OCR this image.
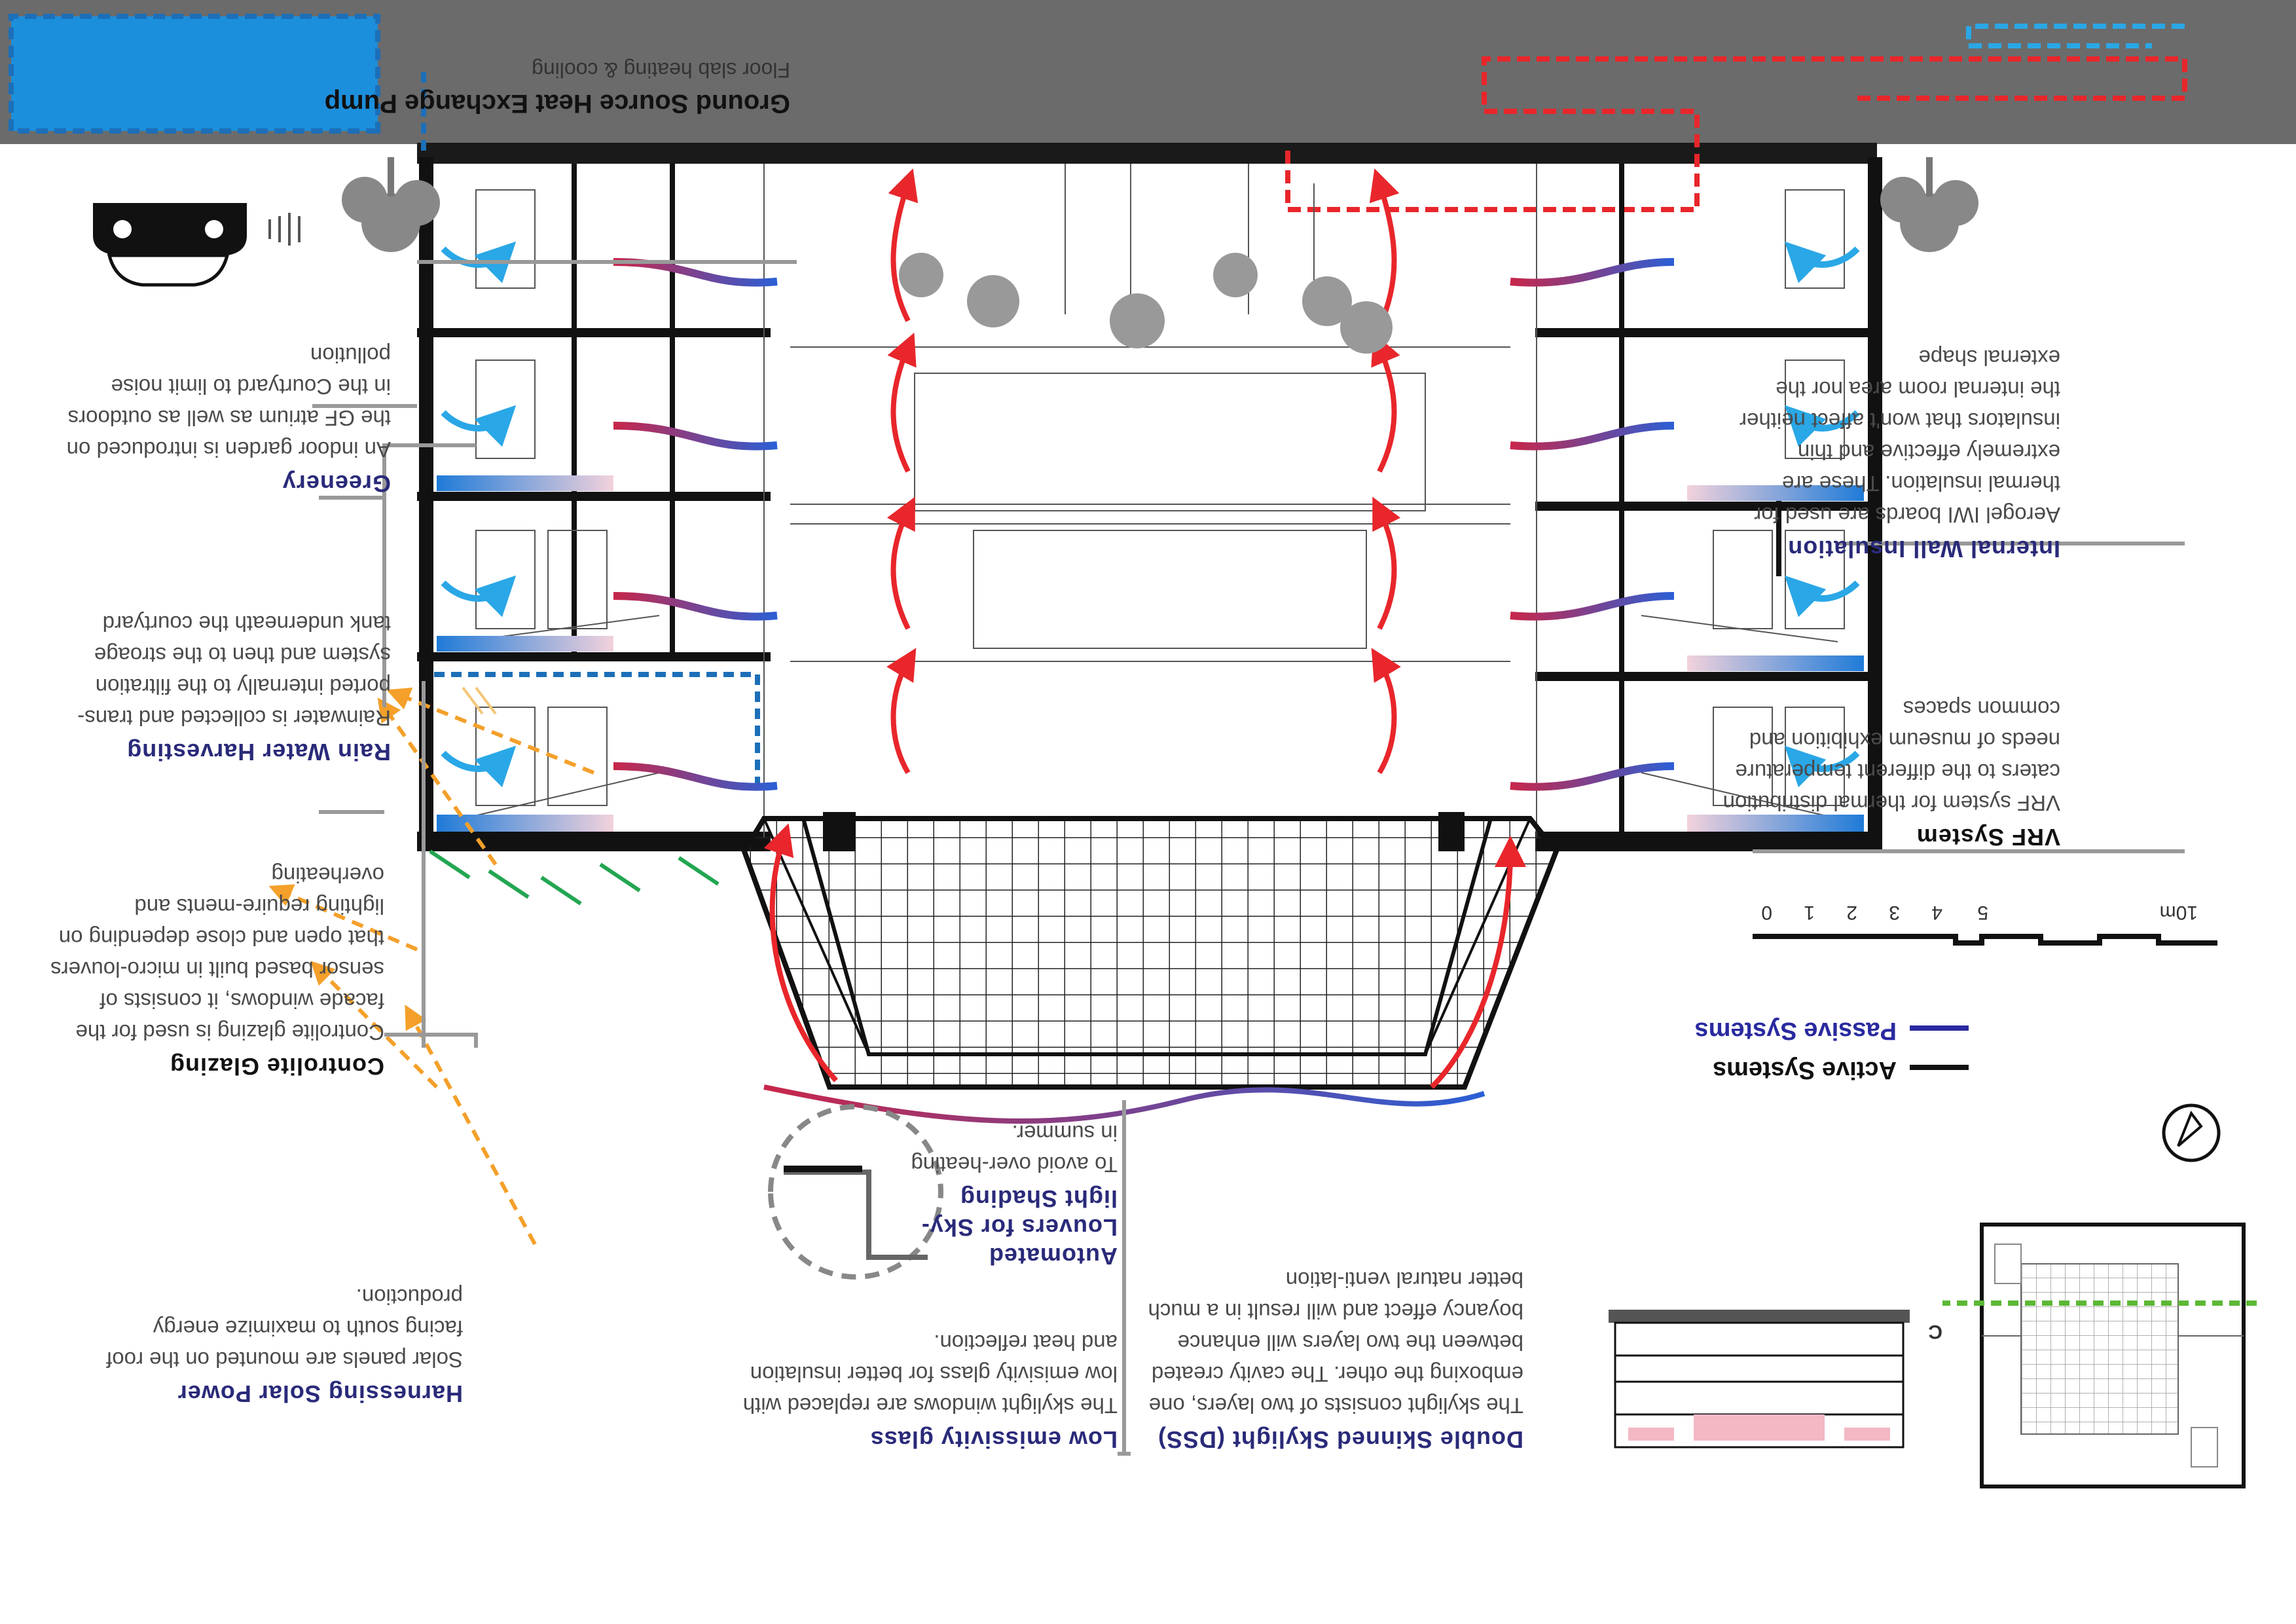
Ground Source Heat Exchange Pump
Floor slab heating & cooling
Active Systems
Passive Systems
10m
5
4
3
2
1
0
C
VRF System

VRF system for thermal distribution caters to the different temperature needs of museum exhibition and common spaces

Internal Wall Insulation

Aerogel IWI boards are used for thermal insulation. These are extremely effective and thin insulators that won't affect neither the internal room area nor the external shape

Greenery

An indoor garden is introduced on the GF atrium as well as outdoors in the Courtyard to limit noise pollution

Rain Water Harvesting

Rainwater is collected and trans-ported internally to the filtration system and then to the stroage tank underneath the courtyard

Controlite Glazing

Controlite glazing is used for the facade windows, it consists of sensor based built in micro-louvers that open and close depending on lighting require-ments and overheating

Harnessing Solar Power

Solar panels are mounted on the roof facing south to maximize energy production.

Low emissivity glass

The skylight windows are replaced with low emisivity glass for better insulation and heat reflection.

Automated Louvers for Sky-light Shading

To avoid over-heating in summer.

Double Skinned Skylight (DSS)

The skylight consists of two layers, one emboxing the other. The cavity created between the two layers will enhance boyancy effect and will result in a much better natural venti-lation
